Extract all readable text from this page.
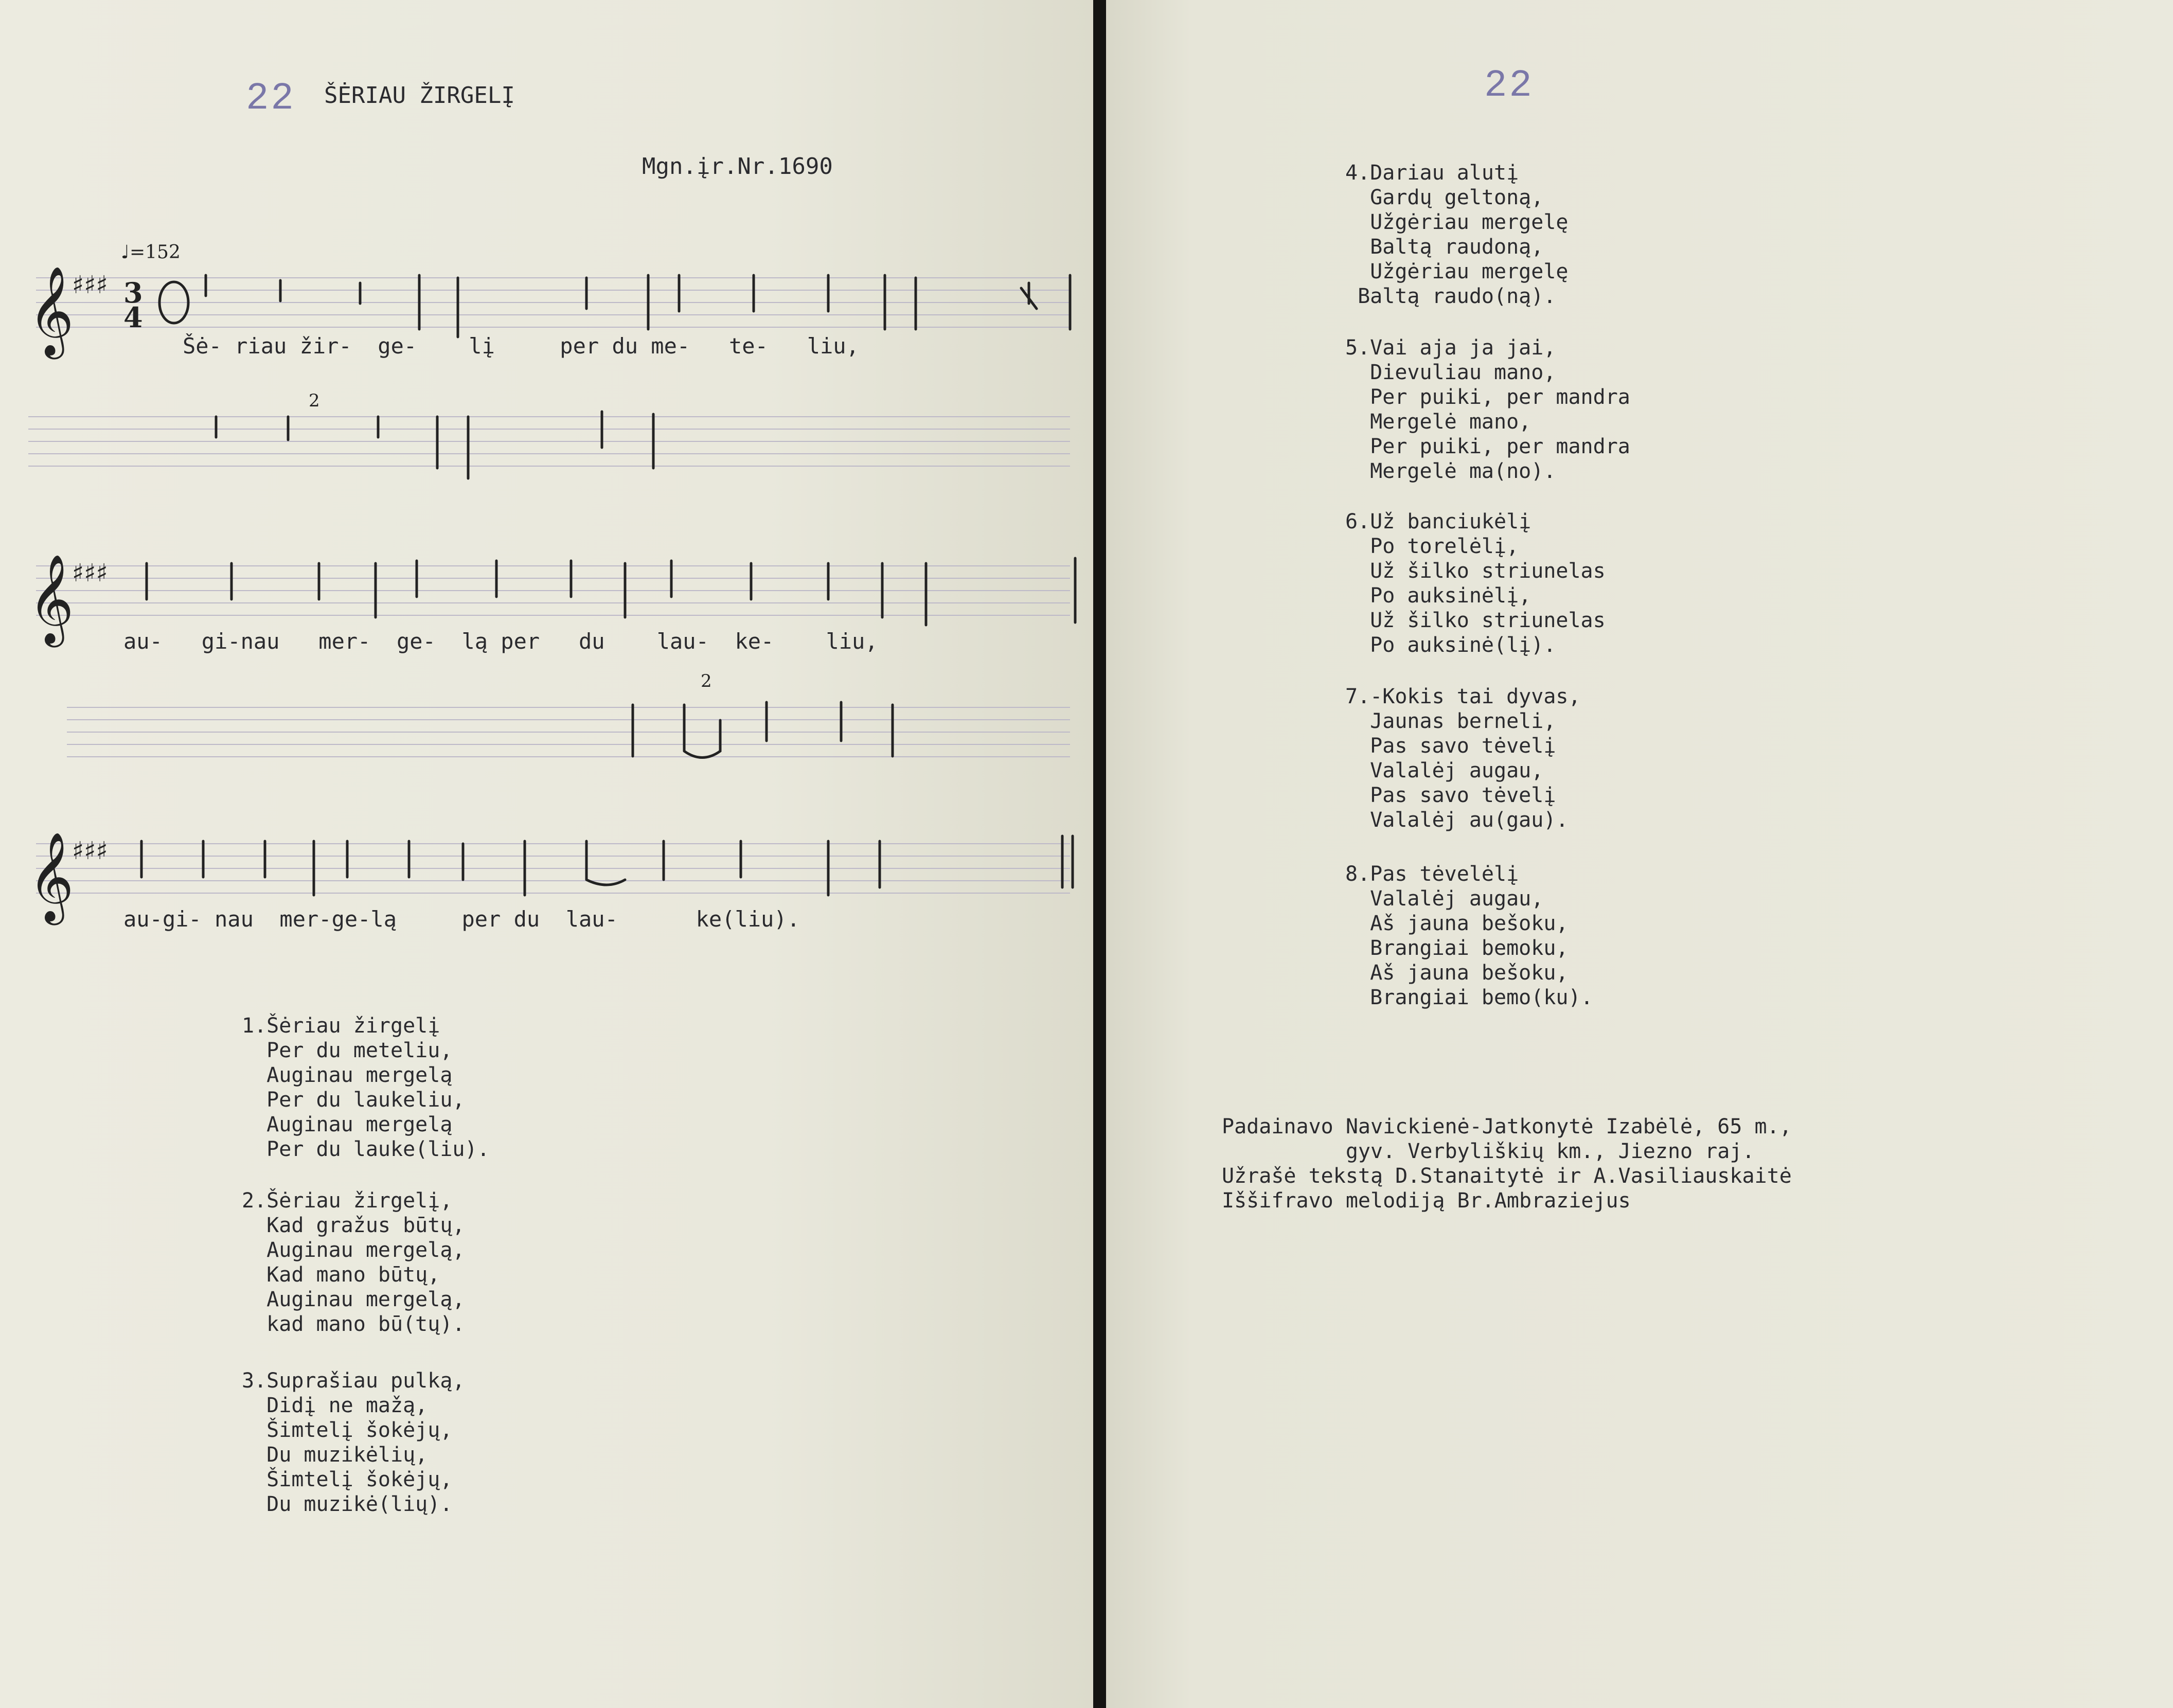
22 ŠĖRIAU ŽIRGELĮ
Mgn.įr.Nr.1690
𝄞
♯♯♯ 3
4
♩=152
Šė- riau žir-  ge-    lį     per du me-   te-   liu,
2
𝄞
♯♯♯
au-   gi-nau   mer-  ge-  lą per   du    lau-  ke-    liu,
2
𝄞
♯♯♯
au-gi- nau  mer-ge-lą     per du  lau-      ke(liu).
1.Šėriau žirgelį
Per du meteliu,
Auginau mergelą
Per du laukeliu,
Auginau mergelą
Per du lauke(liu).
2.Šėriau žirgelį,
Kad gražus būtų,
Auginau mergelą,
Kad mano būtų,
Auginau mergelą,
kad mano bū(tų).
3.Suprašiau pulką,
Didį ne mažą,
Šimtelį šokėjų,
Du muzikėlių,
Šimtelį šokėjų,
Du muzikė(lių).
22
4.Dariau alutį
Gardų geltoną,
Užgėriau mergelę
Baltą raudoną,
Užgėriau mergelę
Baltą raudo(ną).
5.Vai aja ja jai,
Dievuliau mano,
Per puiki, per mandra
Mergelė mano,
Per puiki, per mandra
Mergelė ma(no).
6.Už banciukėlį
Po torelėlį,
Už šilko striunelas
Po auksinėlį,
Už šilko striunelas
Po auksinė(lį).
7.-Kokis tai dyvas,
Jaunas berneli,
Pas savo tėvelį
Valalėj augau,
Pas savo tėvelį
Valalėj au(gau).
8.Pas tėvelėlį
Valalėj augau,
Aš jauna bešoku,
Brangiai bemoku,
Aš jauna bešoku,
Brangiai bemo(ku).
Padainavo Navickienė-Jatkonytė Izabėlė, 65 m.,
gyv. Verbyliškių km., Jiezno raj.
Užrašė tekstą D.Stanaitytė ir A.Vasiliauskaitė
Iššifravo melodiją Br.Ambraziejus
